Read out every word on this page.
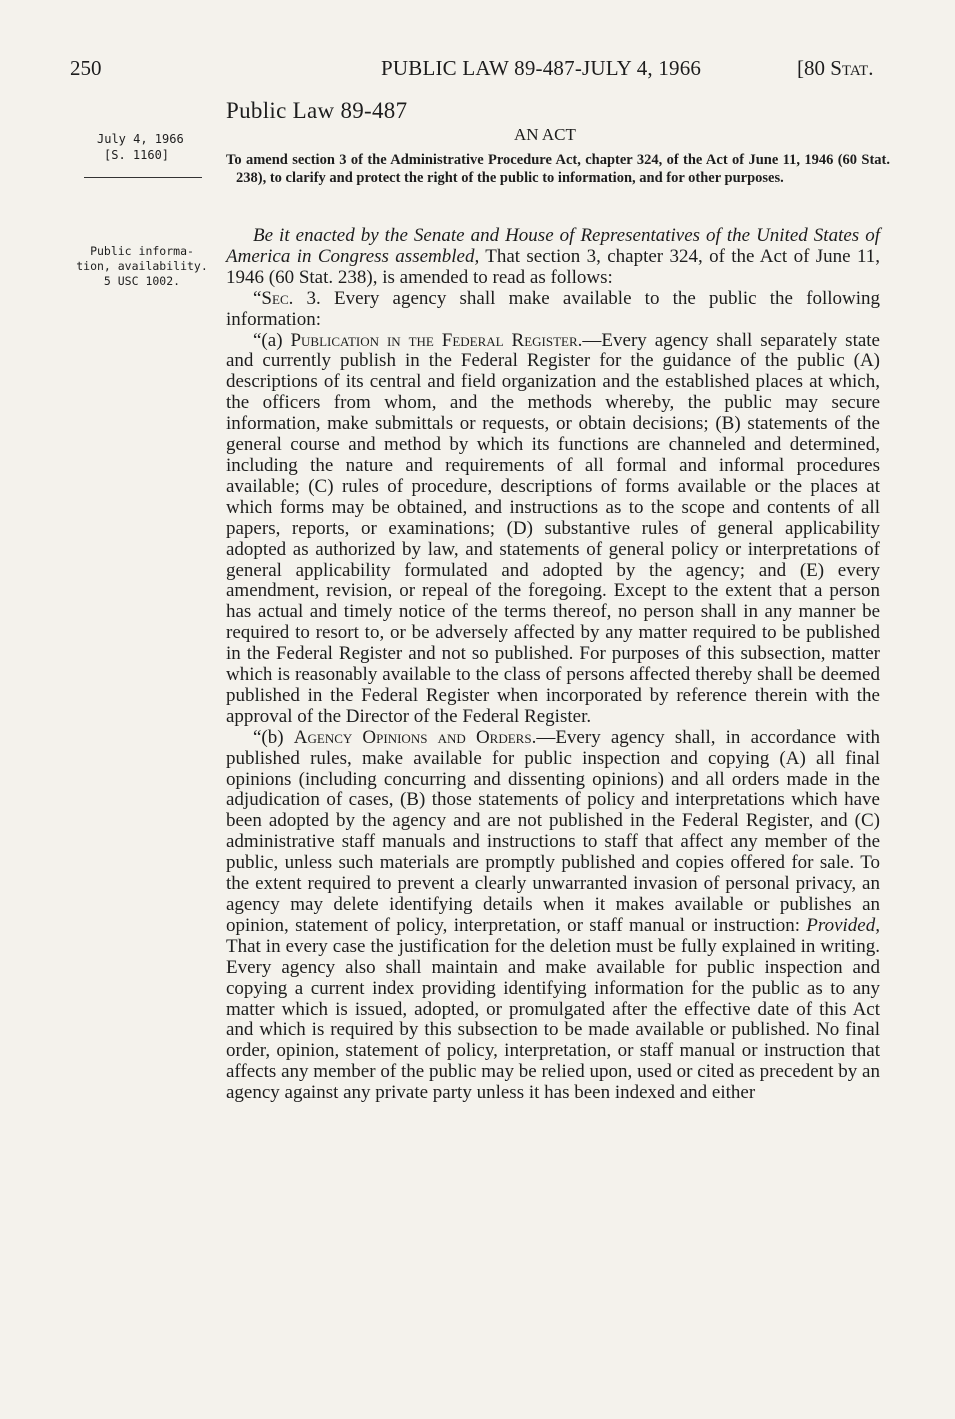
250	PUBLIC LAW 89-487-JULY 4, 1966	[80 Stat.
Public Law 89-487
AN ACT
July 4, 1966
[S. 1160]	To amend section 3 of the Administrative Procedure Act, chapter 324, of the Act of June 11, 1946 (60 Stat. 238), to clarify and protect the right of the public to information, and for other purposes.
Public informa-
tion, availability.
5 USC 1002.

Be it enacted by the Senate and House of Representatives of the United States of America in Congress assembled, That section 3, chapter 324, of the Act of June 11, 1946 (60 Stat. 238), is amended to read as follows:

“Sec. 3. Every agency shall make available to the public the following information:

“(a) Publication in the Federal Register.—Every agency shall separately state and currently publish in the Federal Register for the guidance of the public (A) descriptions of its central and field organization and the established places at which, the officers from whom, and the methods whereby, the public may secure information, make submittals or requests, or obtain decisions; (B) statements of the general course and method by which its functions are channeled and determined, including the nature and requirements of all formal and informal procedures available; (C) rules of procedure, descriptions of forms available or the places at which forms may be obtained, and instructions as to the scope and contents of all papers, reports, or examinations; (D) substantive rules of general applicability adopted as authorized by law, and statements of general policy or interpretations of general applicability formulated and adopted by the agency; and (E) every amendment, revision, or repeal of the foregoing. Except to the extent that a person has actual and timely notice of the terms thereof, no person shall in any manner be required to resort to, or be adversely affected by any matter required to be published in the Federal Register and not so published. For purposes of this subsection, matter which is reasonably available to the class of persons affected thereby shall be deemed published in the Federal Register when incorporated by reference therein with the approval of the Director of the Federal Register.

“(b) Agency Opinions and Orders.—Every agency shall, in accordance with published rules, make available for public inspection and copying (A) all final opinions (including concurring and dissenting opinions) and all orders made in the adjudication of cases, (B) those statements of policy and interpretations which have been adopted by the agency and are not published in the Federal Register, and (C) administrative staff manuals and instructions to staff that affect any member of the public, unless such materials are promptly published and copies offered for sale. To the extent required to prevent a clearly unwarranted invasion of personal privacy, an agency may delete identifying details when it makes available or publishes an opinion, statement of policy, interpretation, or staff manual or instruction: Provided, That in every case the justification for the deletion must be fully explained in writing. Every agency also shall maintain and make available for public inspection and copying a current index providing identifying information for the public as to any matter which is issued, adopted, or promulgated after the effective date of this Act and which is required by this subsection to be made available or published. No final order, opinion, statement of policy, interpretation, or staff manual or instruction that affects any member of the public may be relied upon, used or cited as precedent by an agency against any private party unless it has been indexed and either
